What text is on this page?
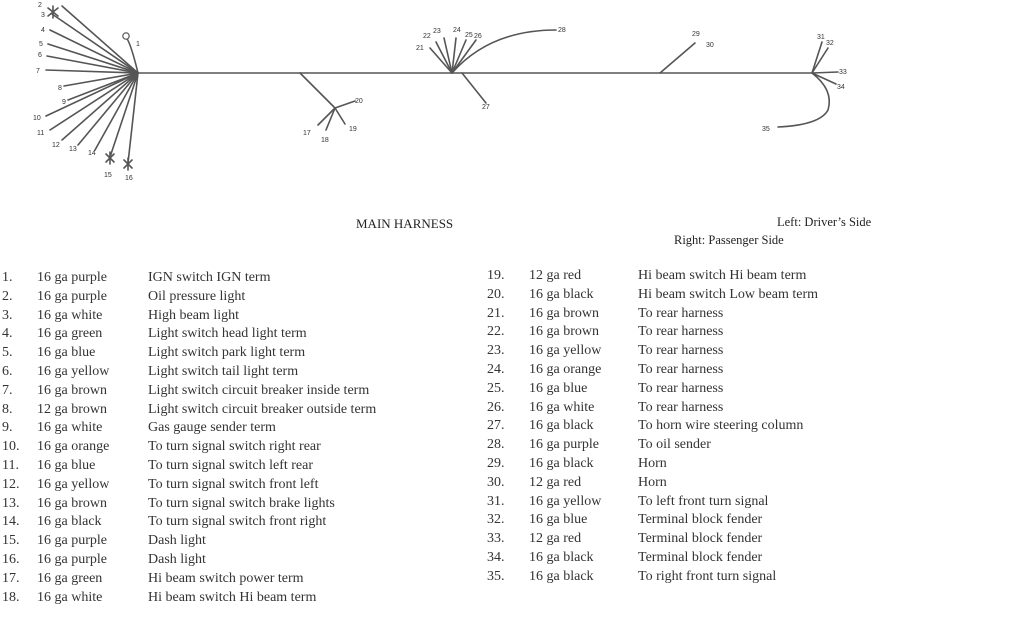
1
2
3
4
5
6
7
8
9
10
11
12
13
14
15 16
17
18
19
20
21
22
23 24
25 26
27
28
29
30
31
32
33
34
35
MAIN HARNESS	Left: Driver’s Side
Right: Passenger Side
1. 16 ga purple	IGN switch IGN term
2. 16 ga purple	Oil pressure light
3. 16 ga white	High beam light
4. 16 ga green	Light switch head light term
5. 16 ga blue	Light switch park light term
6. 16 ga yellow	Light switch tail light term
7. 16 ga brown	Light switch circuit breaker inside term
8. 12 ga brown	Light switch circuit breaker outside term
9. 16 ga white	Gas gauge sender term
10. 16 ga orange	To turn signal switch right rear
11. 16 ga blue	To turn signal switch left rear
12. 16 ga yellow	To turn signal switch front left
13. 16 ga brown	To turn signal switch brake lights
14. 16 ga black	To turn signal switch front right
15. 16 ga purple	Dash light
16. 16 ga purple	Dash light
17. 16 ga green	Hi beam switch power term
18. 16 ga white	Hi beam switch Hi beam term
19. 12 ga red	Hi beam switch Hi beam term
20. 16 ga black	Hi beam switch Low beam term
21. 16 ga brown	To rear harness
22. 16 ga brown	To rear harness
23. 16 ga yellow	To rear harness
24. 16 ga orange	To rear harness
25. 16 ga blue	To rear harness
26. 16 ga white	To rear harness
27. 16 ga black	To horn wire steering column
28. 16 ga purple	To oil sender
29. 16 ga black	Horn
30. 12 ga red	Horn
31. 16 ga yellow	To left front turn signal
32. 16 ga blue	Terminal block fender
33. 12 ga red	Terminal block fender
34. 16 ga black	Terminal block fender
35. 16 ga black	To right front turn signal
